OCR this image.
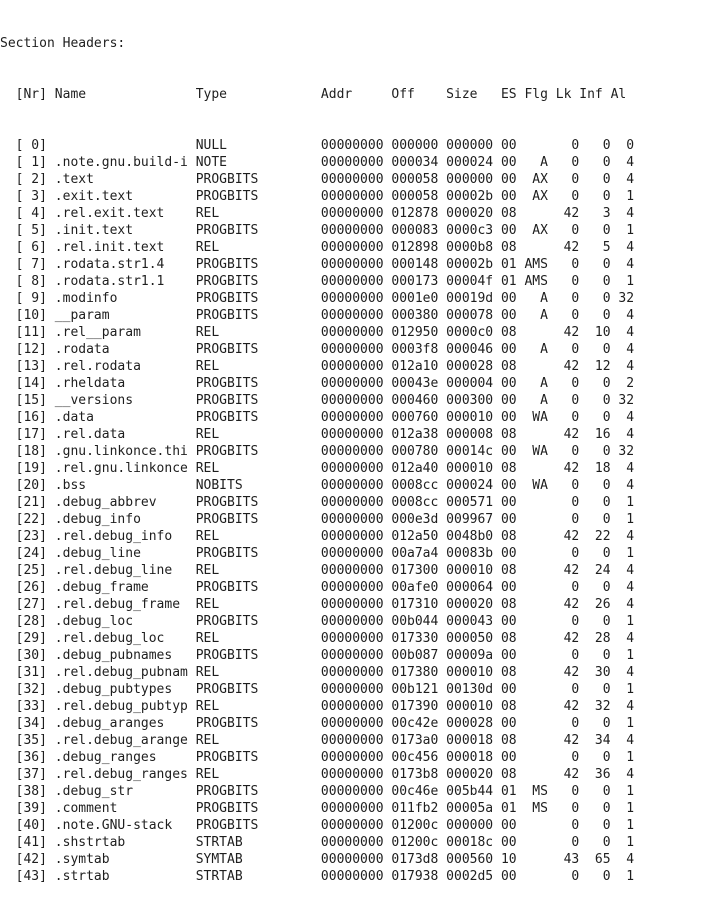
Section Headers:

[Nr] Name              Type            Addr     Off    Size   ES Flg Lk Inf Al

[ 0]	NULL            00000000 000000 000000 00       0   0  0
[ 1] .note.gnu.build-i NOTE            00000000 000034 000024 00   A   0   0  4
[ 2] .text             PROGBITS        00000000 000058 000000 00  AX   0   0  4
[ 3] .exit.text        PROGBITS        00000000 000058 00002b 00  AX   0   0  1
[ 4] .rel.exit.text    REL             00000000 012878 000020 08      42   3  4
[ 5] .init.text        PROGBITS        00000000 000083 0000c3 00  AX   0   0  1
[ 6] .rel.init.text    REL             00000000 012898 0000b8 08      42   5  4
[ 7] .rodata.str1.4    PROGBITS        00000000 000148 00002b 01 AMS   0   0  4
[ 8] .rodata.str1.1    PROGBITS        00000000 000173 00004f 01 AMS   0   0  1
[ 9] .modinfo          PROGBITS        00000000 0001e0 00019d 00   A   0   0 32
[10] __param           PROGBITS        00000000 000380 000078 00   A   0   0  4
[11] .rel__param       REL             00000000 012950 0000c0 08      42  10  4
[12] .rodata           PROGBITS        00000000 0003f8 000046 00   A   0   0  4
[13] .rel.rodata       REL             00000000 012a10 000028 08      42  12  4
[14] .rheldata         PROGBITS        00000000 00043e 000004 00   A   0   0  2
[15] __versions        PROGBITS        00000000 000460 000300 00   A   0   0 32
[16] .data             PROGBITS        00000000 000760 000010 00  WA   0   0  4
[17] .rel.data         REL             00000000 012a38 000008 08      42  16  4
[18] .gnu.linkonce.thi PROGBITS        00000000 000780 00014c 00  WA   0   0 32
[19] .rel.gnu.linkonce REL             00000000 012a40 000010 08      42  18  4
[20] .bss              NOBITS          00000000 0008cc 000024 00  WA   0   0  4
[21] .debug_abbrev     PROGBITS        00000000 0008cc 000571 00       0   0  1
[22] .debug_info       PROGBITS        00000000 000e3d 009967 00       0   0  1
[23] .rel.debug_info   REL             00000000 012a50 0048b0 08      42  22  4
[24] .debug_line       PROGBITS        00000000 00a7a4 00083b 00       0   0  1
[25] .rel.debug_line   REL             00000000 017300 000010 08      42  24  4
[26] .debug_frame      PROGBITS        00000000 00afe0 000064 00       0   0  4
[27] .rel.debug_frame  REL             00000000 017310 000020 08      42  26  4
[28] .debug_loc        PROGBITS        00000000 00b044 000043 00       0   0  1
[29] .rel.debug_loc    REL             00000000 017330 000050 08      42  28  4
[30] .debug_pubnames   PROGBITS        00000000 00b087 00009a 00       0   0  1
[31] .rel.debug_pubnam REL             00000000 017380 000010 08      42  30  4
[32] .debug_pubtypes   PROGBITS        00000000 00b121 00130d 00       0   0  1
[33] .rel.debug_pubtyp REL             00000000 017390 000010 08      42  32  4
[34] .debug_aranges    PROGBITS        00000000 00c42e 000028 00       0   0  1
[35] .rel.debug_arange REL             00000000 0173a0 000018 08      42  34  4
[36] .debug_ranges     PROGBITS        00000000 00c456 000018 00       0   0  1
[37] .rel.debug_ranges REL             00000000 0173b8 000020 08      42  36  4
[38] .debug_str        PROGBITS        00000000 00c46e 005b44 01  MS   0   0  1
[39] .comment          PROGBITS        00000000 011fb2 00005a 01  MS   0   0  1
[40] .note.GNU-stack   PROGBITS        00000000 01200c 000000 00       0   0  1
[41] .shstrtab         STRTAB          00000000 01200c 00018c 00       0   0  1
[42] .symtab           SYMTAB          00000000 0173d8 000560 10      43  65  4
[43] .strtab           STRTAB          00000000 017938 0002d5 00       0   0  1
